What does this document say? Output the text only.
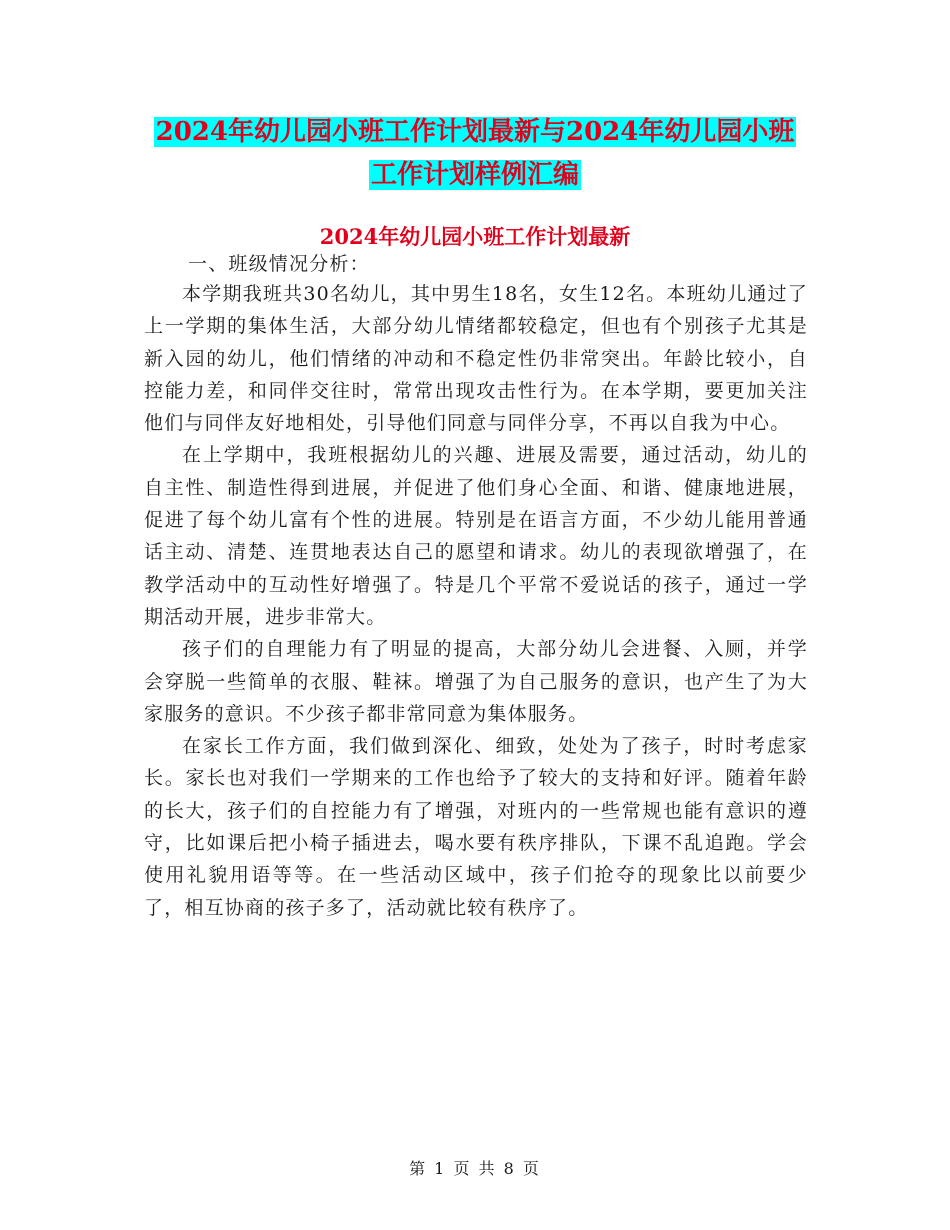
2024年幼儿园小班工作计划最新与2024年幼儿园小班
工作计划样例汇编
2024年幼儿园小班工作计划最新
一、班级情况分析：

本学期我班共30名幼儿，其中男生18名，女生12名。本班幼儿通过了上一学期的集体生活，大部分幼儿情绪都较稳定，但也有个别孩子尤其是新入园的幼儿，他们情绪的冲动和不稳定性仍非常突出。年龄比较小，自控能力差，和同伴交往时，常常出现攻击性行为。在本学期，要更加关注他们与同伴友好地相处，引导他们同意与同伴分享，不再以自我为中心。

在上学期中，我班根据幼儿的兴趣、进展及需要，通过活动，幼儿的自主性、制造性得到进展，并促进了他们身心全面、和谐、健康地进展，促进了每个幼儿富有个性的进展。特别是在语言方面，不少幼儿能用普通话主动、清楚、连贯地表达自己的愿望和请求。幼儿的表现欲增强了，在教学活动中的互动性好增强了。特是几个平常不爱说话的孩子，通过一学期活动开展，进步非常大。

孩子们的自理能力有了明显的提高，大部分幼儿会进餐、入厕，并学会穿脱一些简单的衣服、鞋袜。增强了为自己服务的意识，也产生了为大家服务的意识。不少孩子都非常同意为集体服务。

在家长工作方面，我们做到深化、细致，处处为了孩子，时时考虑家长。家长也对我们一学期来的工作也给予了较大的支持和好评。随着年龄的长大，孩子们的自控能力有了增强，对班内的一些常规也能有意识的遵守，比如课后把小椅子插进去，喝水要有秩序排队，下课不乱追跑。学会使用礼貌用语等等。在一些活动区域中，孩子们抢夺的现象比以前要少了，相互协商的孩子多了，活动就比较有秩序了。

第 1 页 共 8 页
